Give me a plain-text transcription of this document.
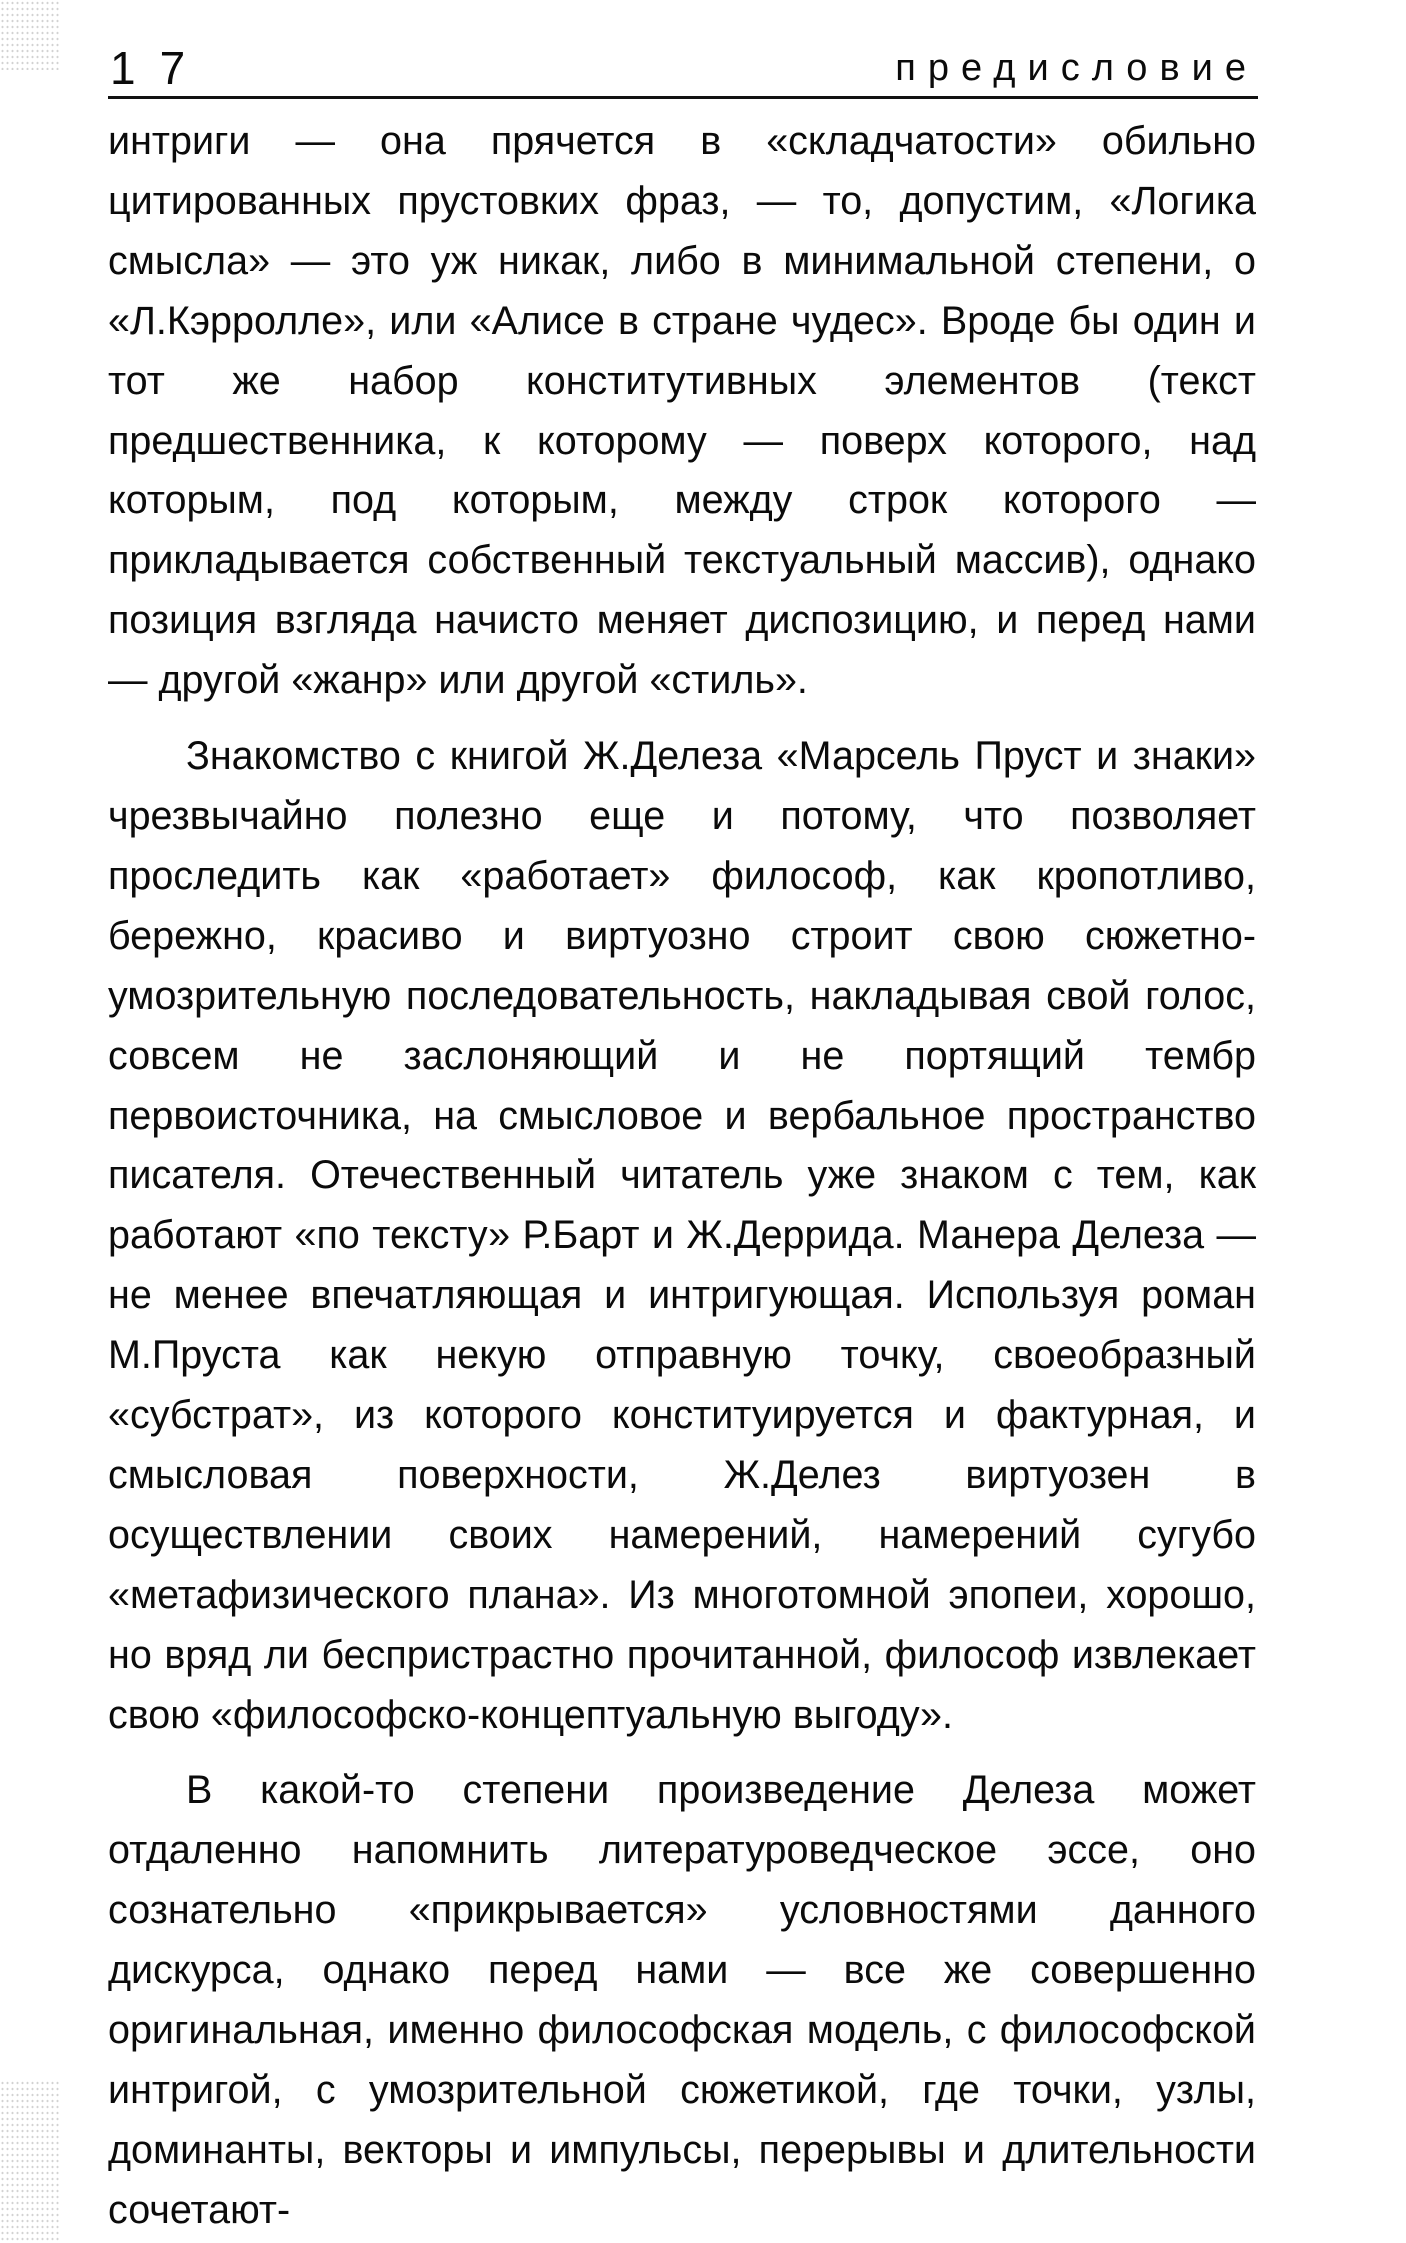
17	предисловие

интриги — она прячется в «складчатости» обильно цитированных прустовких фраз, — то, допустим, «Логика смысла» — это уж никак, либо в минимальной степени, о «Л.Кэрролле», или «Алисе в стране чудес». Вроде бы один и тот же набор конститутивных элементов (текст предшественника, к которому — поверх которого, над которым, под которым, между строк которого — прикладывается собственный текстуальный массив), однако позиция взгляда начисто меняет диспозицию, и перед нами — другой «жанр» или другой «стиль».

Знакомство с книгой Ж.Делеза «Марсель Пруст и знаки» чрезвычайно полезно еще и потому, что позволяет проследить как «работает» философ, как кропотливо, бережно, красиво и виртуозно строит свою сюжетно-умозрительную последовательность, накладывая свой голос, совсем не заслоняющий и не портящий тембр первоисточника, на смысловое и вербальное пространство писателя. Отечественный читатель уже знаком с тем, как работают «по тексту» Р.Барт и Ж.Деррида. Манера Делеза — не менее впечатляющая и интригующая. Используя роман М.Пруста как некую отправную точку, своеобразный «субстрат», из которого конституируется и фактурная, и смысловая поверхности, Ж.Делез виртуозен в осуществлении своих намерений, намерений сугубо «метафизического плана». Из многотомной эпопеи, хорошо, но вряд ли беспристрастно прочитанной, философ извлекает свою «философско-концептуальную выгоду».

В какой-то степени произведение Делеза может отдаленно напомнить литературоведческое эссе, оно сознательно «прикрывается» условностями данного дискурса, однако перед нами — все же совершенно оригинальная, именно философская модель, с философской интригой, с умозрительной сюжетикой, где точки, узлы, доминанты, векторы и импульсы, перерывы и длительности сочетают-
